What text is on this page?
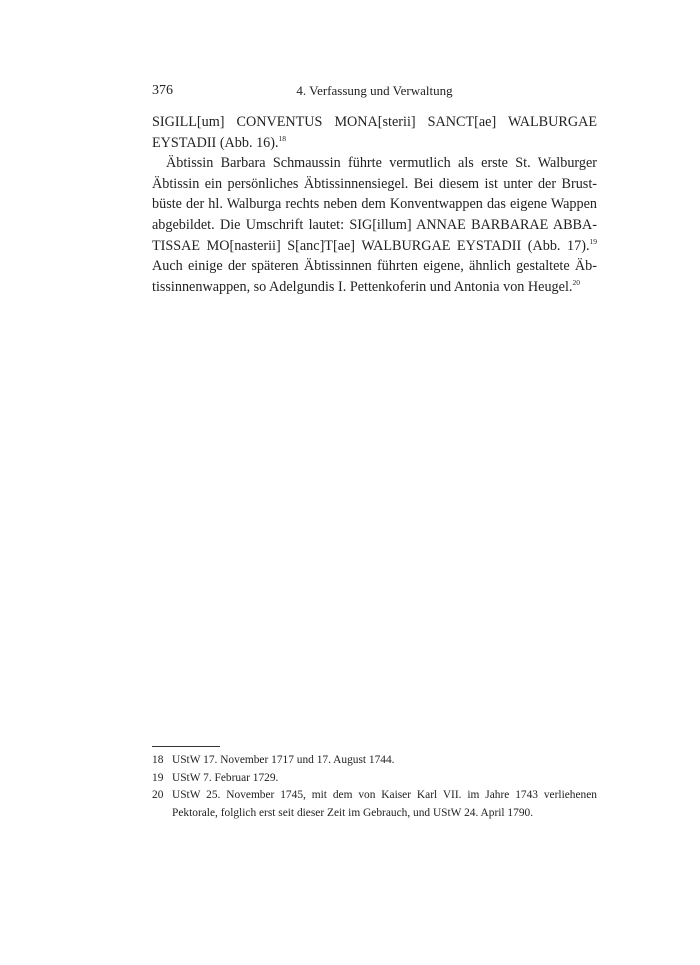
376	4. Verfassung und Verwaltung
SIGILL[um] CONVENTUS MONA[sterii] SANCT[ae] WALBURGAE
EYSTADII (Abb. 16).$^{18}$
Äbtissin Barbara Schmaussin führte vermutlich als erste St. Walburger
Äbtissin ein persönliches Äbtissinnensiegel. Bei diesem ist unter der Brust-
büste der hl. Walburga rechts neben dem Konventwappen das eigene Wappen
abgebildet. Die Umschrift lautet: SIG[illum] ANNAE BARBARAE ABBA-
TISSAE MO[nasterii] S[anc]T[ae] WALBURGAE EYSTADII (Abb. 17).$^{19}$
Auch einige der späteren Äbtissinnen führten eigene, ähnlich gestaltete Äb-
tissinnenwappen, so Adelgundis I. Pettenkoferin und Antonia von Heugel.$^{20}$
18 UStW 17. November 1717 und 17. August 1744.
19 UStW 7. Februar 1729.
20 UStW 25. November 1745, mit dem von Kaiser Karl VII. im Jahre 1743 verliehenen
Pektorale, folglich erst seit dieser Zeit im Gebrauch, und UStW 24. April 1790.
